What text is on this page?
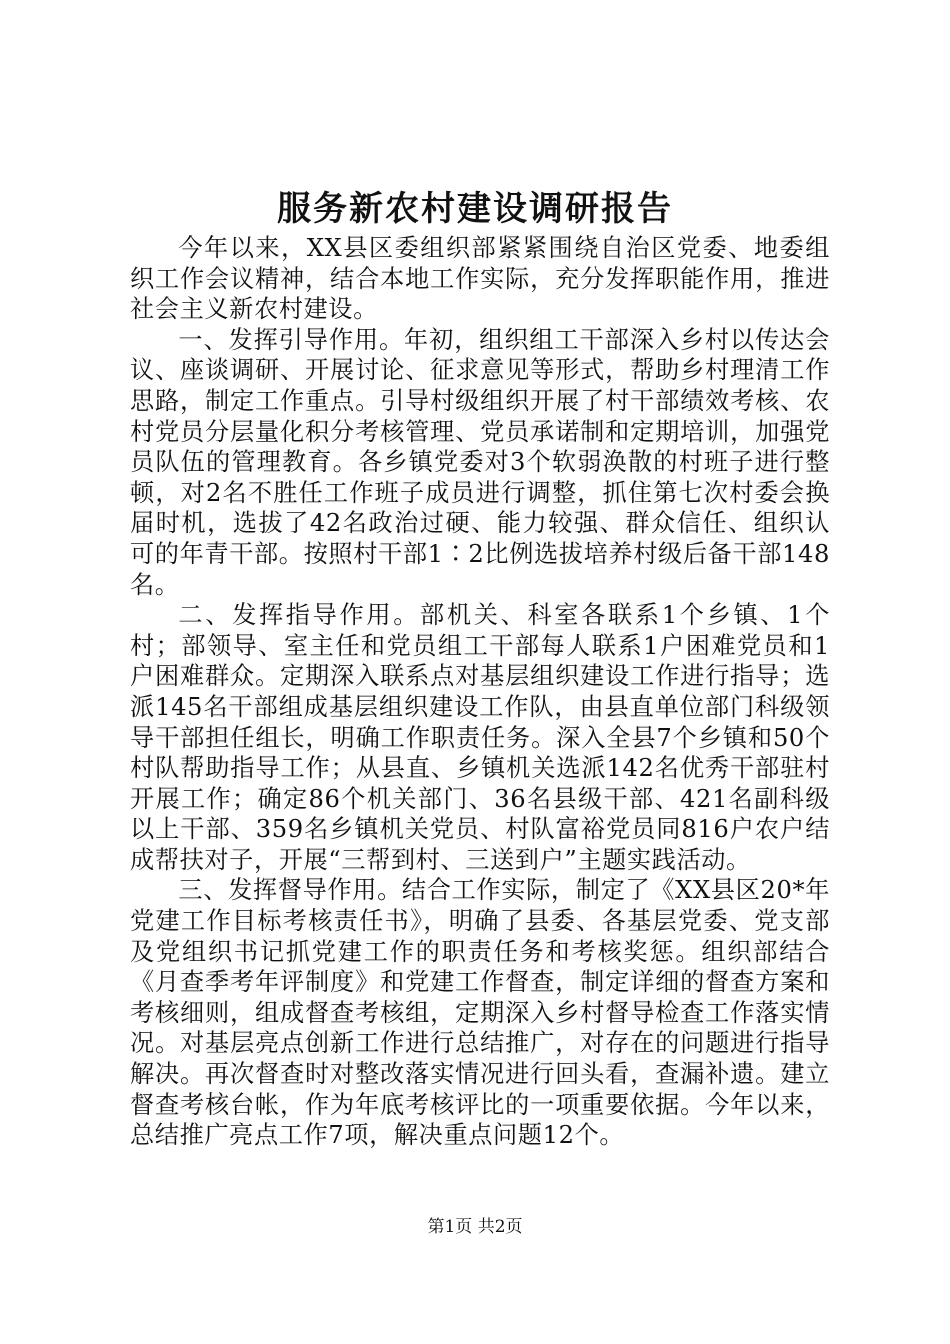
服务新农村建设调研报告

今年以来，XX县区委组织部紧紧围绕自治区党委、地委组织工作会议精神，结合本地工作实际，充分发挥职能作用，推进社会主义新农村建设。

一、发挥引导作用。年初，组织组工干部深入乡村以传达会议、座谈调研、开展讨论、征求意见等形式，帮助乡村理清工作思路，制定工作重点。引导村级组织开展了村干部绩效考核、农村党员分层量化积分考核管理、党员承诺制和定期培训，加强党员队伍的管理教育。各乡镇党委对3个软弱涣散的村班子进行整顿，对2名不胜任工作班子成员进行调整，抓住第七次村委会换届时机，选拔了42名政治过硬、能力较强、群众信任、组织认可的年青干部。按照村干部1∶2比例选拔培养村级后备干部148名。

二、发挥指导作用。部机关、科室各联系1个乡镇、1个村；部领导、室主任和党员组工干部每人联系1户困难党员和1户困难群众。定期深入联系点对基层组织建设工作进行指导；选派145名干部组成基层组织建设工作队，由县直单位部门科级领导干部担任组长，明确工作职责任务。深入全县7个乡镇和50个村队帮助指导工作；从县直、乡镇机关选派142名优秀干部驻村开展工作；确定86个机关部门、36名县级干部、421名副科级以上干部、359名乡镇机关党员、村队富裕党员同816户农户结成帮扶对子，开展“三帮到村、三送到户”主题实践活动。

三、发挥督导作用。结合工作实际，制定了《XX县区20*年党建工作目标考核责任书》，明确了县委、各基层党委、党支部及党组织书记抓党建工作的职责任务和考核奖惩。组织部结合《月查季考年评制度》和党建工作督查，制定详细的督查方案和考核细则，组成督查考核组，定期深入乡村督导检查工作落实情况。对基层亮点创新工作进行总结推广，对存在的问题进行指导解决。再次督查时对整改落实情况进行回头看，查漏补遗。建立督查考核台帐，作为年底考核评比的一项重要依据。今年以来，总结推广亮点工作7项，解决重点问题12个。

第1页 共2页
